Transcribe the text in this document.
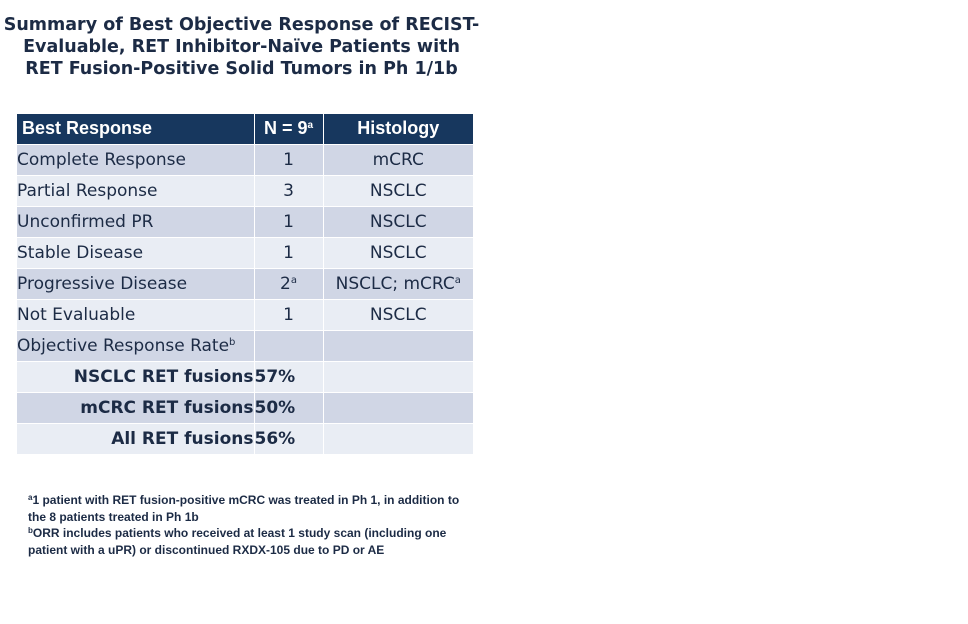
Summary of Best Objective Response of RECIST-
Evaluable, RET Inhibitor-Naïve Patients with
RET Fusion-Positive Solid Tumors in Ph 1/1b
Best Response	$N = 9^a$	Histology
Complete Response	1	mCRC
Partial Response	3	NSCLC
Unconfirmed PR	1	NSCLC
Stable Disease	1	NSCLC
Progressive Disease	2$^a$	NSCLC; mCRC$^a$
Not Evaluable	1	NSCLC
Objective Response Rate$^b$		
NSCLC RET fusions	57%	
mCRC RET fusions	50%	
All RET fusions	56%	

$^a$1 patient with RET fusion-positive mCRC was treated in Ph 1, in addition to the 8 patients treated in Ph 1b

$^b$ORR includes patients who received at least 1 study scan (including one patient with a uPR) or discontinued RXDX-105 due to PD or AE
